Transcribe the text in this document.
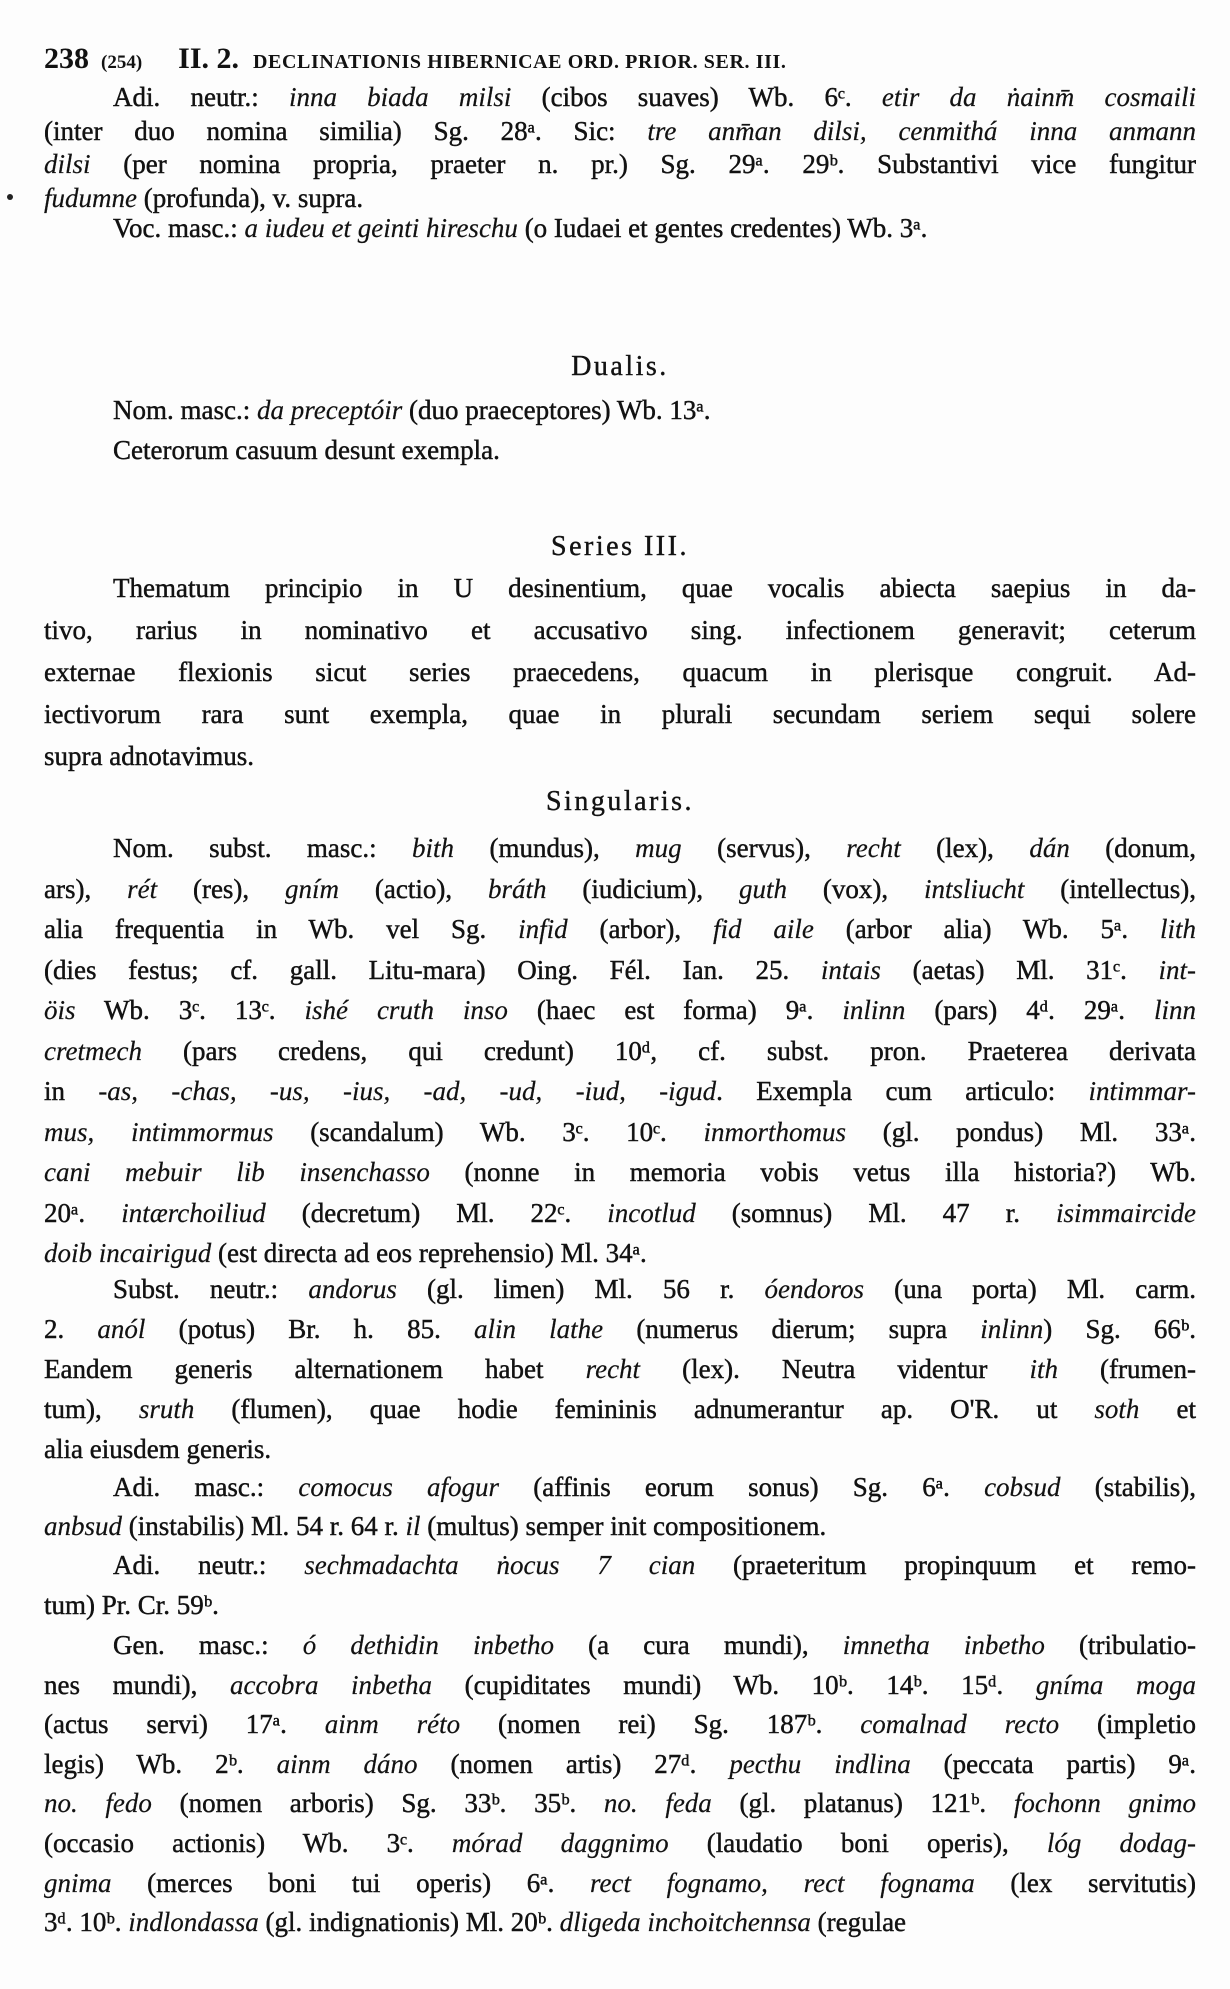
238 (254) II. 2. DECLINATIONIS HIBERNICAE ORD. PRIOR. SER. III.
Adi. neutr.: inna biada milsi (cibos suaves) Wb. 6ᶜ. etir da ṅainm̄ cosmaili
(inter duo nomina similia) Sg. 28ᵃ. Sic: tre anm̄an dilsi, cenmithá inna anmann
dilsi (per nomina propria, praeter n. pr.) Sg. 29ᵃ. 29ᵇ. Substantivi vice fungitur
fudumne (profunda), v. supra.
Voc. masc.: a iudeu et geinti hireschu (o Iudaei et gentes credentes) Wb. 3ᵃ.
Dualis.
Nom. masc.: da preceptóir (duo praeceptores) Wb. 13ᵃ.
Ceterorum casuum desunt exempla.
Series III.
Thematum principio in U desinentium, quae vocalis abiecta saepius in da-
tivo, rarius in nominativo et accusativo sing. infectionem generavit; ceterum
externae flexionis sicut series praecedens, quacum in plerisque congruit. Ad-
iectivorum rara sunt exempla, quae in plurali secundam seriem sequi solere
supra adnotavimus.
Singularis.
Nom. subst. masc.: bith (mundus), mug (servus), recht (lex), dán (donum,
ars), rét (res), gním (actio), bráth (iudicium), guth (vox), intsliucht (intellectus),
alia frequentia in Wb. vel Sg. infid (arbor), fid aile (arbor alia) Wb. 5ᵃ. lith
(dies festus; cf. gall. Litu-mara) Oing. Fél. Ian. 25. intais (aetas) Ml. 31ᶜ. int-
öis Wb. 3ᶜ. 13ᶜ. ishé cruth inso (haec est forma) 9ᵃ. inlinn (pars) 4ᵈ. 29ᵃ. linn
cretmech (pars credens, qui credunt) 10ᵈ, cf. subst. pron. Praeterea derivata
in -as, -chas, -us, -ius, -ad, -ud, -iud, -igud. Exempla cum articulo: intimmar-
mus, intimmormus (scandalum) Wb. 3ᶜ. 10ᶜ. inmorthomus (gl. pondus) Ml. 33ᵃ.
cani mebuir lib insenchasso (nonne in memoria vobis vetus illa historia?) Wb.
20ᵃ. intærchoiliud (decretum) Ml. 22ᶜ. incotlud (somnus) Ml. 47 r. isimmaircide
doib incairigud (est directa ad eos reprehensio) Ml. 34ᵃ.
Subst. neutr.: andorus (gl. limen) Ml. 56 r. óendoros (una porta) Ml. carm.
2. anól (potus) Br. h. 85. alin lathe (numerus dierum; supra inlinn) Sg. 66ᵇ.
Eandem generis alternationem habet recht (lex). Neutra videntur ith (frumen-
tum), sruth (flumen), quae hodie femininis adnumerantur ap. O'R. ut soth et
alia eiusdem generis.
Adi. masc.: comocus afogur (affinis eorum sonus) Sg. 6ᵃ. cobsud (stabilis),
anbsud (instabilis) Ml. 54 r. 64 r. il (multus) semper init compositionem.
Adi. neutr.: sechmadachta ṅocus 7 cian (praeteritum propinquum et remo-
tum) Pr. Cr. 59ᵇ.
Gen. masc.: ó dethidin inbetho (a cura mundi), imnetha inbetho (tribulatio-
nes mundi), accobra inbetha (cupiditates mundi) Wb. 10ᵇ. 14ᵇ. 15ᵈ. gníma moga
(actus servi) 17ᵃ. ainm réto (nomen rei) Sg. 187ᵇ. comalnad recto (impletio
legis) Wb. 2ᵇ. ainm dáno (nomen artis) 27ᵈ. pecthu indlina (peccata partis) 9ᵃ.
no. fedo (nomen arboris) Sg. 33ᵇ. 35ᵇ. no. feda (gl. platanus) 121ᵇ. fochonn gnimo
(occasio actionis) Wb. 3ᶜ. mórad daggnimo (laudatio boni operis), lóg dodag-
gnima (merces boni tui operis) 6ᵃ. rect fognamo, rect fognama (lex servitutis)
3ᵈ. 10ᵇ. indlondassa (gl. indignationis) Ml. 20ᵇ. dligeda inchoitchennsa (regulae
